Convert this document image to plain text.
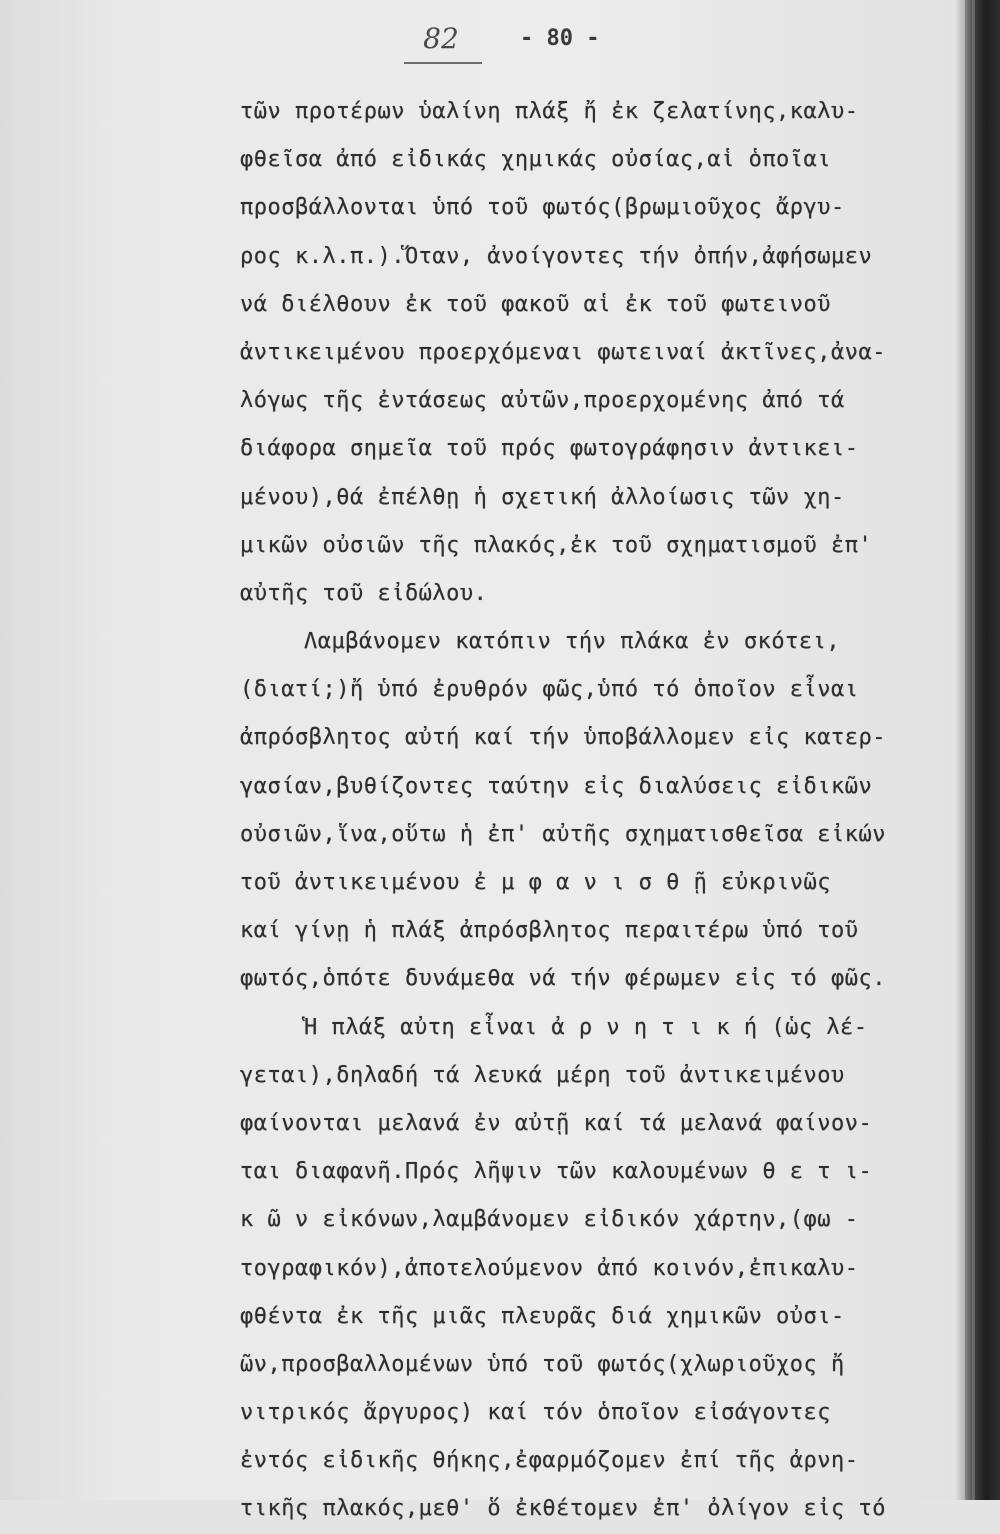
82	- 80 -
τῶν προτέρων ὑαλίνη πλάξ ἤ ἐκ ζελατίνης,καλυ-
φθεῖσα ἀπό εἰδικάς χημικάς οὐσίας,αἱ ὁποῖαι
προσβάλλονται ὑπό τοῦ φωτός(βρωμιοῦχος ἄργυ-
ρος κ.λ.π.).Ὅταν, ἀνοίγοντες τήν ὀπήν,ἀφήσωμεν
νά διέλθουν ἐκ τοῦ φακοῦ αἱ ἐκ τοῦ φωτεινοῦ
ἀντικειμένου προερχόμεναι φωτειναί ἀκτῖνες,ἀνα-
λόγως τῆς ἐντάσεως αὐτῶν,προερχομένης ἀπό τά
διάφορα σημεῖα τοῦ πρός φωτογράφησιν ἀντικει-
μένου),θά ἐπέλθῃ ἡ σχετική ἀλλοίωσις τῶν χη-
μικῶν οὐσιῶν τῆς πλακός,ἐκ τοῦ σχηματισμοῦ ἐπ'
αὐτῆς τοῦ εἰδώλου.
Λαμβάνομεν κατόπιν τήν πλάκα ἐν σκότει,
(διατί;)ἤ ὑπό ἐρυθρόν φῶς,ὑπό τό ὁποῖον εἶναι
ἀπρόσβλητος αὐτή καί τήν ὑποβάλλομεν εἰς κατερ-
γασίαν,βυθίζοντες ταύτην εἰς διαλύσεις εἰδικῶν
οὐσιῶν,ἵνα,οὕτω ἡ ἐπ' αὐτῆς σχηματισθεῖσα εἰκών
τοῦ ἀντικειμένου ἐ μ φ α ν ι σ θ ῇ εὐκρινῶς
καί γίνῃ ἡ πλάξ ἀπρόσβλητος περαιτέρω ὑπό τοῦ
φωτός,ὁπότε δυνάμεθα νά τήν φέρωμεν εἰς τό φῶς.
Ἡ πλάξ αὐτη εἶναι ἀ ρ ν η τ ι κ ή (ὡς λέ-
γεται),δηλαδή τά λευκά μέρη τοῦ ἀντικειμένου
φαίνονται μελανά ἐν αὐτῇ καί τά μελανά φαίνον-
ται διαφανῆ.Πρός λῆψιν τῶν καλουμένων θ ε τ ι-
κ ῶ ν εἰκόνων,λαμβάνομεν εἰδικόν χάρτην,(φω -
τογραφικόν),ἀποτελούμενον ἀπό κοινόν,ἐπικαλυ-
φθέντα ἐκ τῆς μιᾶς πλευρᾶς διά χημικῶν οὐσι-
ῶν,προσβαλλομένων ὑπό τοῦ φωτός(χλωριοῦχος ἤ
νιτρικός ἄργυρος) καί τόν ὁποῖον εἰσάγοντες
ἐντός εἰδικῆς θήκης,ἐφαρμόζομεν ἐπί τῆς ἀρνη-
τικῆς πλακός,μεθ' ὅ ἐκθέτομεν ἐπ' ὀλίγον εἰς τό
